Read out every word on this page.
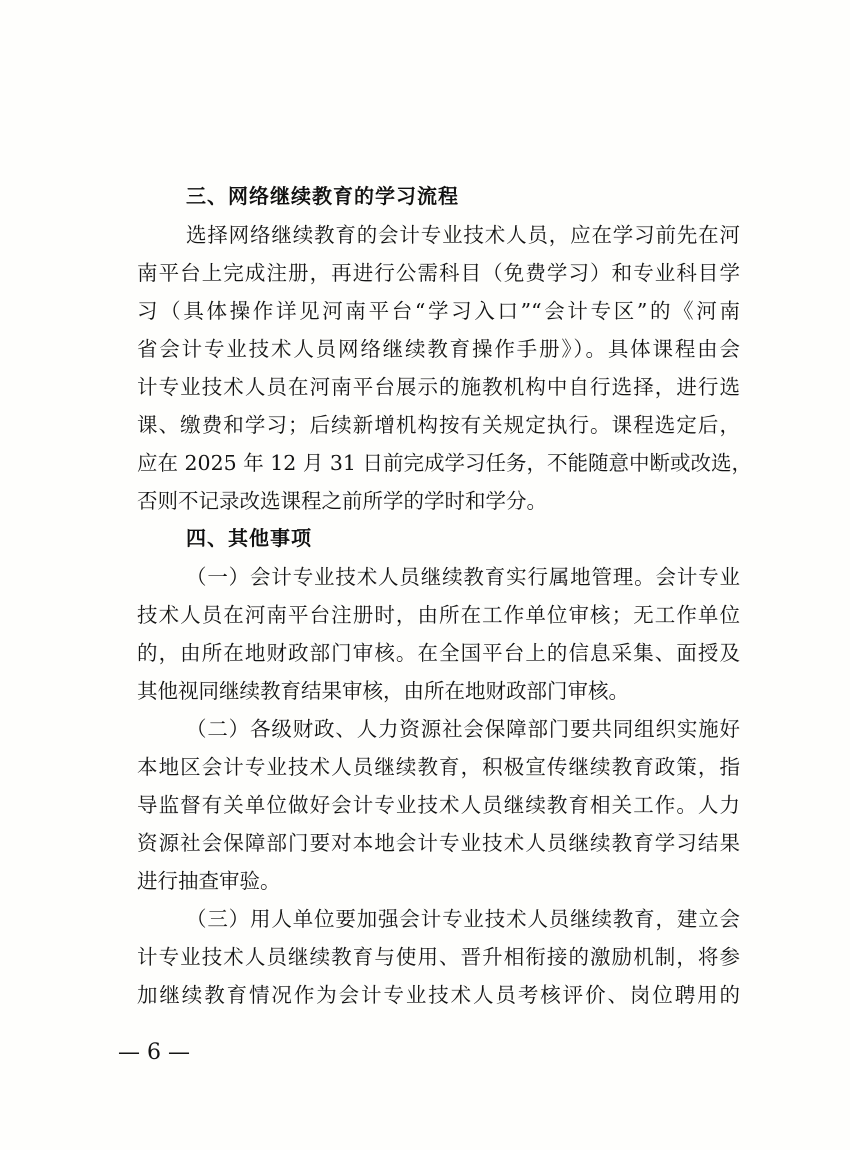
三、网络继续教育的学习流程
选择网络继续教育的会计专业技术人员，应在学习前先在河
南平台上完成注册，再进行公需科目（免费学习）和专业科目学
习（具体操作详见河南平台“学习入口”“会计专区”的《河南
省会计专业技术人员网络继续教育操作手册》）。具体课程由会
计专业技术人员在河南平台展示的施教机构中自行选择，进行选
课、缴费和学习；后续新增机构按有关规定执行。课程选定后，
应在 2025 年 12 月 31 日前完成学习任务，不能随意中断或改选，
否则不记录改选课程之前所学的学时和学分。
四、其他事项
（一）会计专业技术人员继续教育实行属地管理。会计专业
技术人员在河南平台注册时，由所在工作单位审核；无工作单位
的，由所在地财政部门审核。在全国平台上的信息采集、面授及
其他视同继续教育结果审核，由所在地财政部门审核。
（二）各级财政、人力资源社会保障部门要共同组织实施好
本地区会计专业技术人员继续教育，积极宣传继续教育政策，指
导监督有关单位做好会计专业技术人员继续教育相关工作。人力
资源社会保障部门要对本地会计专业技术人员继续教育学习结果
进行抽查审验。
（三）用人单位要加强会计专业技术人员继续教育，建立会
计专业技术人员继续教育与使用、晋升相衔接的激励机制，将参
加继续教育情况作为会计专业技术人员考核评价、岗位聘用的
— 6 —
